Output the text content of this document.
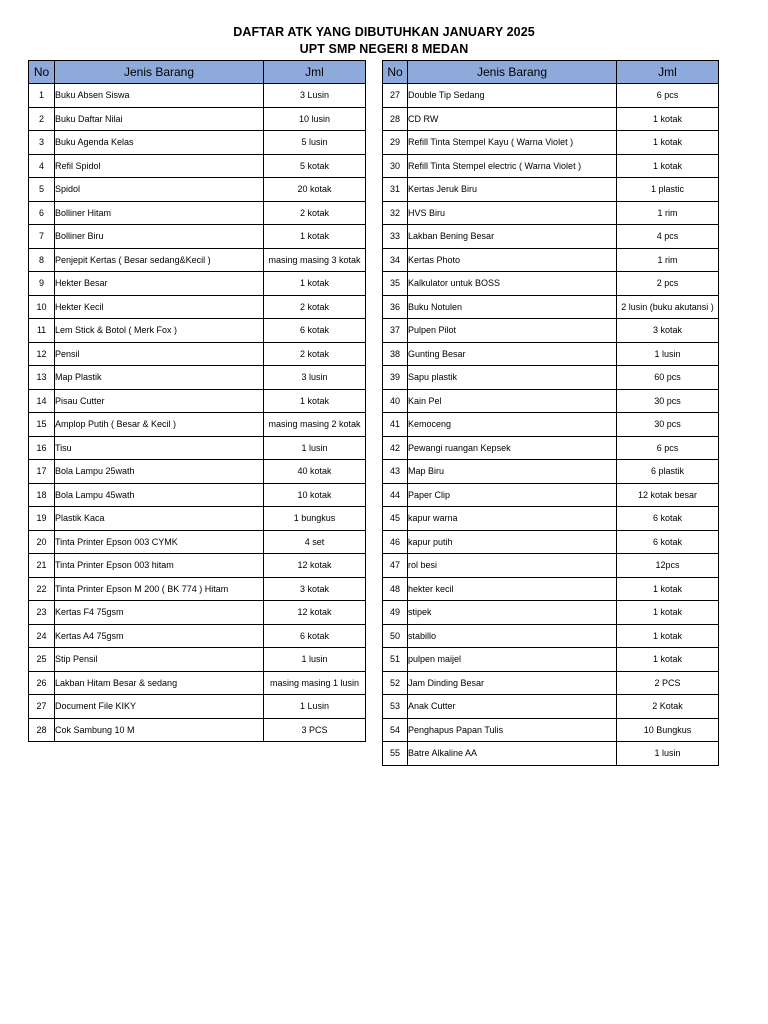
DAFTAR ATK YANG DIBUTUHKAN JANUARY 2025
UPT SMP NEGERI 8 MEDAN
No	Jenis Barang	Jml
1	Buku Absen Siswa	3 Lusin
2	Buku Daftar Nilai	10 lusin
3	Buku Agenda Kelas	5 lusin
4	Refil Spidol	5 kotak
5	Spidol	20 kotak
6	Bolliner Hitam	2 kotak
7	Bolliner Biru	1 kotak
8	Penjepit Kertas ( Besar sedang&Kecil )	masing masing 3 kotak
9	Hekter Besar	1 kotak
10	Hekter Kecil	2 kotak
11	Lem Stick & Botol ( Merk Fox )	6 kotak
12	Pensil	2 kotak
13	Map Plastik	3 lusin
14	Pisau Cutter	1 kotak
15	Amplop Putih ( Besar & Kecil )	masing masing 2 kotak
16	Tisu	1 lusin
17	Bola Lampu 25wath	40 kotak
18	Bola Lampu 45wath	10 kotak
19	Plastik Kaca	1 bungkus
20	Tinta Printer Epson 003 CYMK	4 set
21	Tinta Printer Epson 003 hitam	12 kotak
22	Tinta Printer Epson M 200 ( BK 774 ) Hitam	3 kotak
23	Kertas F4 75gsm	12 kotak
24	Kertas A4 75gsm	6 kotak
25	Stip Pensil	1 lusin
26	Lakban Hitam Besar & sedang	masing masing 1 lusin
27	Document File KIKY	1 Lusin
28	Cok Sambung 10 M	3 PCS
No	Jenis Barang	Jml
27	Double Tip Sedang	6 pcs
28	CD RW	1 kotak
29	Refill Tinta Stempel Kayu ( Warna Violet )	1 kotak
30	Refill Tinta Stempel electric ( Warna Violet )	1 kotak
31	Kertas Jeruk Biru	1 plastic
32	HVS Biru	1 rim
33	Lakban Bening Besar	4 pcs
34	Kertas Photo	1 rim
35	Kalkulator untuk BOSS	2 pcs
36	Buku Notulen	2 lusin (buku akutansi )
37	Pulpen Pilot	3 kotak
38	Gunting Besar	1 lusin
39	Sapu plastik	60 pcs
40	Kain Pel	30 pcs
41	Kemoceng	30 pcs
42	Pewangi ruangan Kepsek	6 pcs
43	Map Biru	6 plastik
44	Paper Clip	12 kotak besar
45	kapur warna	6 kotak
46	kapur putih	6 kotak
47	rol besi	12pcs
48	hekter kecil	1 kotak
49	stipek	1 kotak
50	stabillo	1 kotak
51	pulpen maijel	1 kotak
52	Jam Dinding Besar	2 PCS
53	Anak Cutter	2 Kotak
54	Penghapus Papan Tulis	10 Bungkus
55	Batre Alkaline AA	1 lusin
